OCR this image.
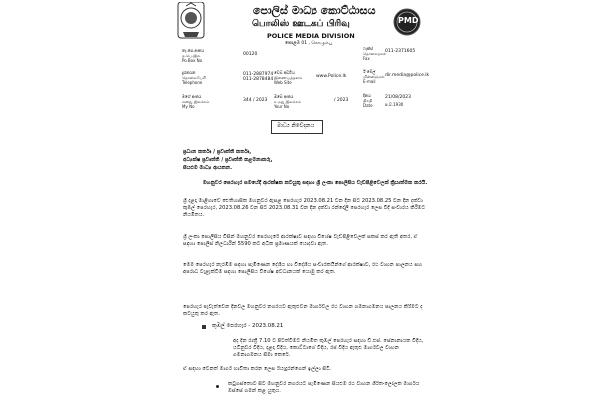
පොලිස් මාධ්‍ය කොට්ඨාසය
பொலிஸ் ஊடகப் பிரிவு
POLICE MEDIA DIVISION
කොළඹ 01 , கொழும்பு
PMD
තැ.පෙ.අංකය
த.பெ.இல
Po.Box No
00120
දුරකථන
தொலைபேசி
Telephone
011-2887974
011-2878484
මගේ අංකය
எனது இலக்கம்
My No
344 / 2023
වෙබ් අඩවිය
இணையத்தளம்
Web Site
www.Police.lk
ඔබේ අංකය
உமது இலக்கம்
Your No
/ 2023
ෆැක්ස්
தொலைநகல்
Fax
011-2371605
ඊ මේල්
மின்னஞ்சல்
E-mail
dir.media@police.lk
දිනය
திகதி
Date
21/08/2023
ප.ව.1930
මාධ්‍ය නිවේදනය
ප්‍රධාන කර්තෘ / ප්‍රවෘත්ති කර්තෘ,
අධ්‍යක්ෂ ප්‍රවෘත්ති / ප්‍රවෘත්ති කළමනාකරු,
සියළුම මාධ්‍ය ආයතන.
මහනුවර පෙරහැර සමයේදී ආරක්ෂක කටයුතු සඳහා ශ්‍රී ලංකා පොලිසිය වැඩපිළිවෙලක් ක්‍රියාත්මක කරයි.
ශ්‍රී දළදා මාළිගාවේ ඓතිහාසික මහනුවර ඇසළ පෙරහැර 2023.08.21 වන දින සිට 2023.08.25 වන දින දක්වා කුඹල් පෙරහැර, 2023.08.26 වන සිට 2023.08.31 වන දින දක්වා රන්දෝලි පෙරහැර ලෙස වීදි සංචාරය කිරීමට නියමිතය.
ශ්‍රී ලංකා පොලිසිය විසින් මහනුවර පෙරහැරේ ආරක්ෂාව සඳහා විශේෂ වැඩපිළිවෙලක් සකස් කර ඇති අතර, ඒ සඳහා පොලිස් නිලධාරීන් 5590 කට අධික ප්‍රමාණයක් යොදවා ඇත.
මෙම පෙරහැර නැරඹීම සඳහා පැමිණෙන දේශීය හා විදේශීය සංචාරකයින්ගේ ආරක්ෂාව, රථ වාහන පාලනය සහ අපරාධ වැළැක්වීම සඳහා පොලිසිය විශේෂ අවධානයක් යොමු කර ඇත.
පෙරහැර පැවැත්වෙන දිනවල මහනුවර නගරයට ඇතුළුවන මාර්ගවල රථ වාහන ගමනාගමනය පාලනය කිරීමට ද කටයුතු කර ඇත.
කුඹල් පෙරහැර - 2023.08.21
අද දින රාත්‍රී 7.10 ට පිටත්වීමට නියමිත කුඹල් පෙරහැර සඳහා ඩී.එස්. සේනානායක වීදිය, යටිනුවර වීදිය, දළදා වීදිය, කොට්ටාගේ වීදිය, රජ වීදිය ඇතුළු මාර්ගවල වාහන ගමනාගමනය සීමා කෙරේ.
ඒ සඳහා වෙනත් මාර්ග භාවිතා කරන ලෙස රියැදුරන්ගෙන් ඉල්ලා සිටී.
කටුගස්තොට සිට මහනුවර නගරයට පැමිණෙන සියළුම රථ වාහන ශිරිතංලෝලක මාර්ගය ඔස්සේ ගමන් කළ යුතුය.
